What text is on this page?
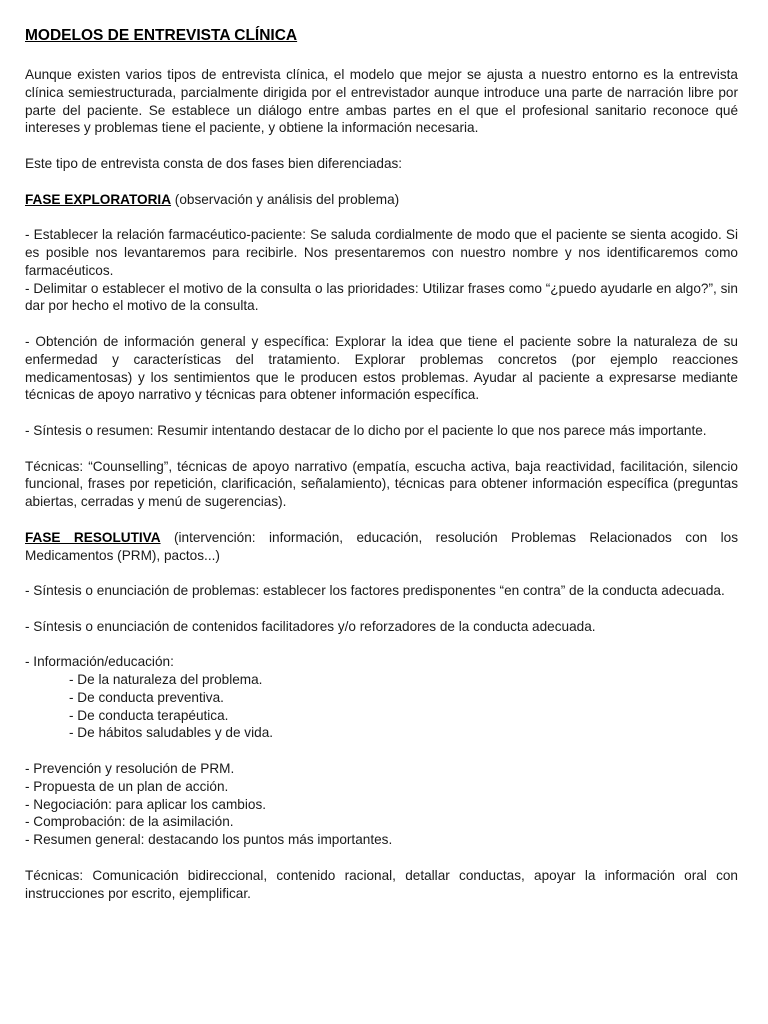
MODELOS DE ENTREVISTA CLÍNICA

Aunque existen varios tipos de entrevista clínica, el modelo que mejor se ajusta a nuestro entorno es la entrevista clínica semiestructurada, parcialmente dirigida por el entrevistador aunque introduce una parte de narración libre por parte del paciente. Se establece un diálogo entre ambas partes en el que el profesional sanitario reconoce qué intereses y problemas tiene el paciente, y obtiene la información necesaria.

Este tipo de entrevista consta de dos fases bien diferenciadas:

FASE EXPLORATORIA (observación y análisis del problema)

- Establecer la relación farmacéutico-paciente: Se saluda cordialmente de modo que el paciente se sienta acogido. Si es posible nos levantaremos para recibirle. Nos presentaremos con nuestro nombre y nos identificaremos como farmacéuticos.

- Delimitar o establecer el motivo de la consulta o las prioridades: Utilizar frases como “¿puedo ayudarle en algo?”, sin dar por hecho el motivo de la consulta.

- Obtención de información general y específica: Explorar la idea que tiene el paciente sobre la naturaleza de su enfermedad y características del tratamiento. Explorar problemas concretos (por ejemplo reacciones medicamentosas) y los sentimientos que le producen estos problemas. Ayudar al paciente a expresarse mediante técnicas de apoyo narrativo y técnicas para obtener información específica.

- Síntesis o resumen: Resumir intentando destacar de lo dicho por el paciente lo que nos parece más importante.

Técnicas: “Counselling”, técnicas de apoyo narrativo (empatía, escucha activa, baja reactividad, facilitación, silencio funcional, frases por repetición, clarificación, señalamiento), técnicas para obtener información específica (preguntas abiertas, cerradas y menú de sugerencias).

FASE RESOLUTIVA (intervención: información, educación, resolución Problemas Relacionados con los Medicamentos (PRM), pactos...)

- Síntesis o enunciación de problemas: establecer los factores predisponentes “en contra” de la conducta adecuada.

- Síntesis o enunciación de contenidos facilitadores y/o reforzadores de la conducta adecuada.

- Información/educación:
- De la naturaleza del problema.
- De conducta preventiva.
- De conducta terapéutica.
- De hábitos saludables y de vida.

- Prevención y resolución de PRM.
- Propuesta de un plan de acción.
- Negociación: para aplicar los cambios.
- Comprobación: de la asimilación.
- Resumen general: destacando los puntos más importantes.

Técnicas: Comunicación bidireccional, contenido racional, detallar conductas, apoyar la información oral con instrucciones por escrito, ejemplificar.
